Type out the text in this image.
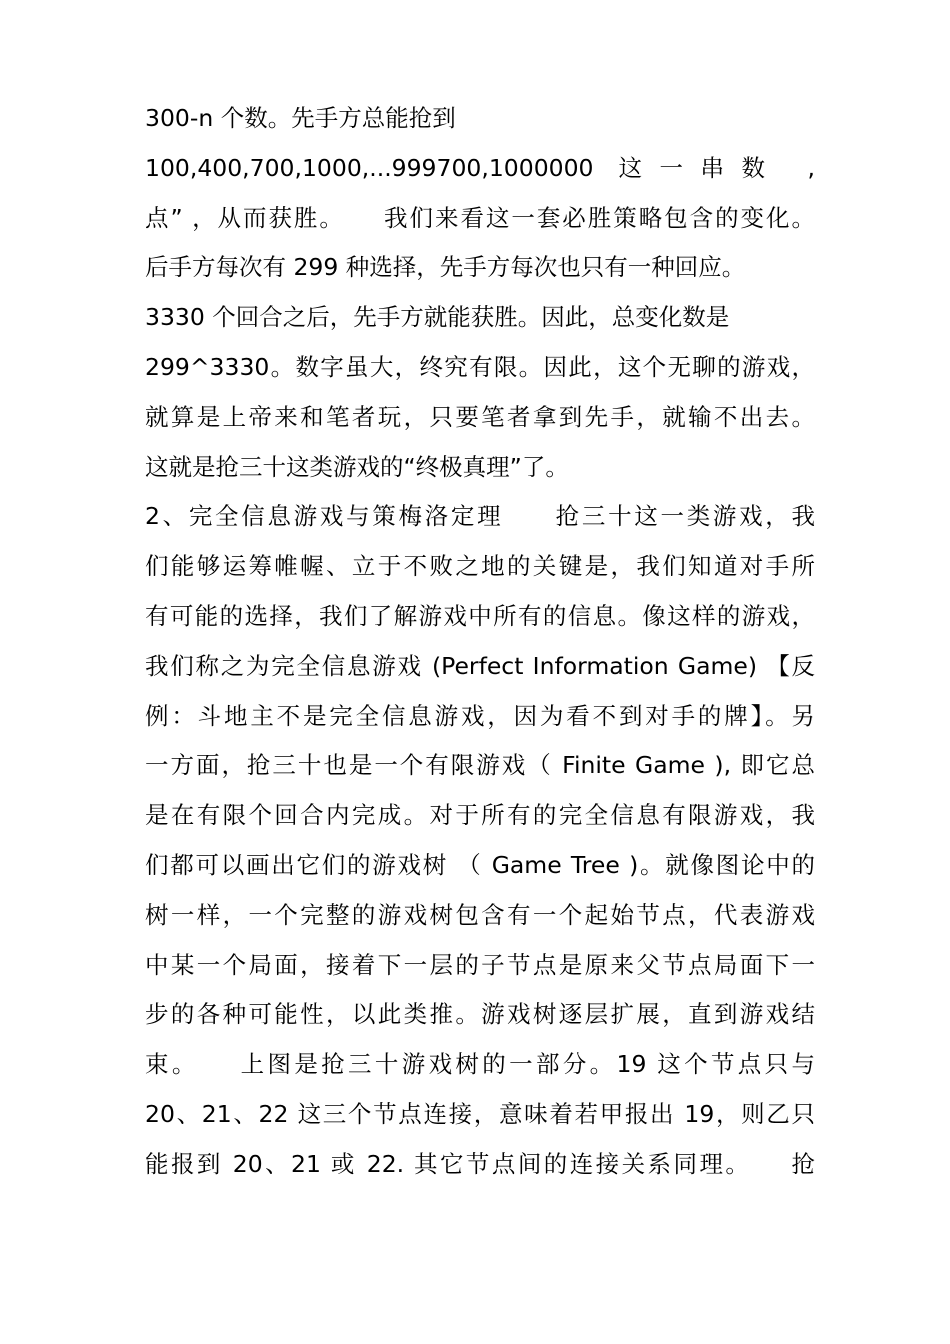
300-n 个数。先手方总能抢到
100,400,700,1000,...999700,1000000 这一串数 ,
点” ，从而获胜。　　我们来看这一套必胜策略包含的变化。
后手方每次有 299 种选择，先手方每次也只有一种回应。
3330 个回合之后，先手方就能获胜。因此，总变化数是
299^3330。数字虽大，终究有限。因此，这个无聊的游戏，
就算是上帝来和笔者玩，只要笔者拿到先手，就输不出去。
这就是抢三十这类游戏的“终极真理”了。
2、完全信息游戏与策梅洛定理　　抢三十这一类游戏，我
们能够运筹帷幄、立于不败之地的关键是，我们知道对手所
有可能的选择，我们了解游戏中所有的信息。像这样的游戏，
我们称之为完全信息游戏 (Perfect Information Game) 【反
例：斗地主不是完全信息游戏，因为看不到对手的牌】。另
一方面，抢三十也是一个有限游戏（ Finite Game ), 即它总
是在有限个回合内完成。对于所有的完全信息有限游戏，我
们都可以画出它们的游戏树 （ Game Tree )。就像图论中的
树一样，一个完整的游戏树包含有一个起始节点，代表游戏
中某一个局面，接着下一层的子节点是原来父节点局面下一
步的各种可能性，以此类推。游戏树逐层扩展，直到游戏结
束。　　上图是抢三十游戏树的一部分。19 这个节点只与
20、21、22 这三个节点连接，意味着若甲报出 19，则乙只
能报到 20、21 或 22. 其它节点间的连接关系同理。　　抢
